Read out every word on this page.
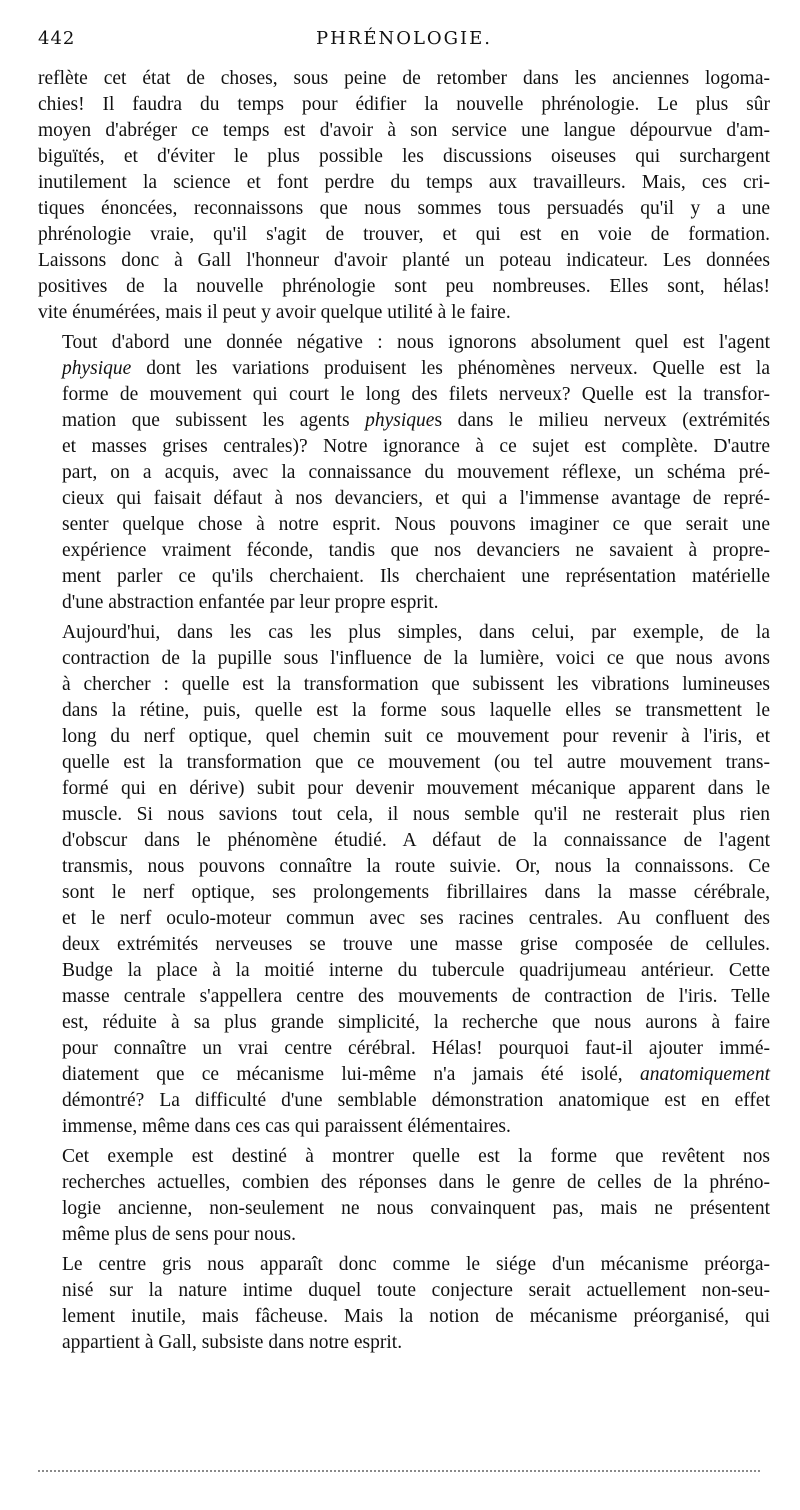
442	PHRÉNOLOGIE.

reflète cet état de choses, sous peine de retomber dans les anciennes logoma-
chies! Il faudra du temps pour édifier la nouvelle phrénologie. Le plus sûr
moyen d'abréger ce temps est d'avoir à son service une langue dépourvue d'am-
biguïtés, et d'éviter le plus possible les discussions oiseuses qui surchargent
inutilement la science et font perdre du temps aux travailleurs. Mais, ces cri-
tiques énoncées, reconnaissons que nous sommes tous persuadés qu'il y a une
phrénologie vraie, qu'il s'agit de trouver, et qui est en voie de formation.
Laissons donc à Gall l'honneur d'avoir planté un poteau indicateur. Les données
positives de la nouvelle phrénologie sont peu nombreuses. Elles sont, hélas!
vite énumérées, mais il peut y avoir quelque utilité à le faire.

Tout d'abord une donnée négative : nous ignorons absolument quel est l'agent
physique dont les variations produisent les phénomènes nerveux. Quelle est la
forme de mouvement qui court le long des filets nerveux? Quelle est la transfor-
mation que subissent les agents physiques dans le milieu nerveux (extrémités
et masses grises centrales)? Notre ignorance à ce sujet est complète. D'autre
part, on a acquis, avec la connaissance du mouvement réflexe, un schéma pré-
cieux qui faisait défaut à nos devanciers, et qui a l'immense avantage de repré-
senter quelque chose à notre esprit. Nous pouvons imaginer ce que serait une
expérience vraiment féconde, tandis que nos devanciers ne savaient à propre-
ment parler ce qu'ils cherchaient. Ils cherchaient une représentation matérielle
d'une abstraction enfantée par leur propre esprit.

Aujourd'hui, dans les cas les plus simples, dans celui, par exemple, de la
contraction de la pupille sous l'influence de la lumière, voici ce que nous avons
à chercher : quelle est la transformation que subissent les vibrations lumineuses
dans la rétine, puis, quelle est la forme sous laquelle elles se transmettent le
long du nerf optique, quel chemin suit ce mouvement pour revenir à l'iris, et
quelle est la transformation que ce mouvement (ou tel autre mouvement trans-
formé qui en dérive) subit pour devenir mouvement mécanique apparent dans le
muscle. Si nous savions tout cela, il nous semble qu'il ne resterait plus rien
d'obscur dans le phénomène étudié. A défaut de la connaissance de l'agent
transmis, nous pouvons connaître la route suivie. Or, nous la connaissons. Ce
sont le nerf optique, ses prolongements fibrillaires dans la masse cérébrale,
et le nerf oculo-moteur commun avec ses racines centrales. Au confluent des
deux extrémités nerveuses se trouve une masse grise composée de cellules.
Budge la place à la moitié interne du tubercule quadrijumeau antérieur. Cette
masse centrale s'appellera centre des mouvements de contraction de l'iris. Telle
est, réduite à sa plus grande simplicité, la recherche que nous aurons à faire
pour connaître un vrai centre cérébral. Hélas! pourquoi faut-il ajouter immé-
diatement que ce mécanisme lui-même n'a jamais été isolé, anatomiquement
démontré? La difficulté d'une semblable démonstration anatomique est en effet
immense, même dans ces cas qui paraissent élémentaires.

Cet exemple est destiné à montrer quelle est la forme que revêtent nos
recherches actuelles, combien des réponses dans le genre de celles de la phréno-
logie ancienne, non-seulement ne nous convainquent pas, mais ne présentent
même plus de sens pour nous.

Le centre gris nous apparaît donc comme le siége d'un mécanisme préorga-
nisé sur la nature intime duquel toute conjecture serait actuellement non-seu-
lement inutile, mais fâcheuse. Mais la notion de mécanisme préorganisé, qui
appartient à Gall, subsiste dans notre esprit.
